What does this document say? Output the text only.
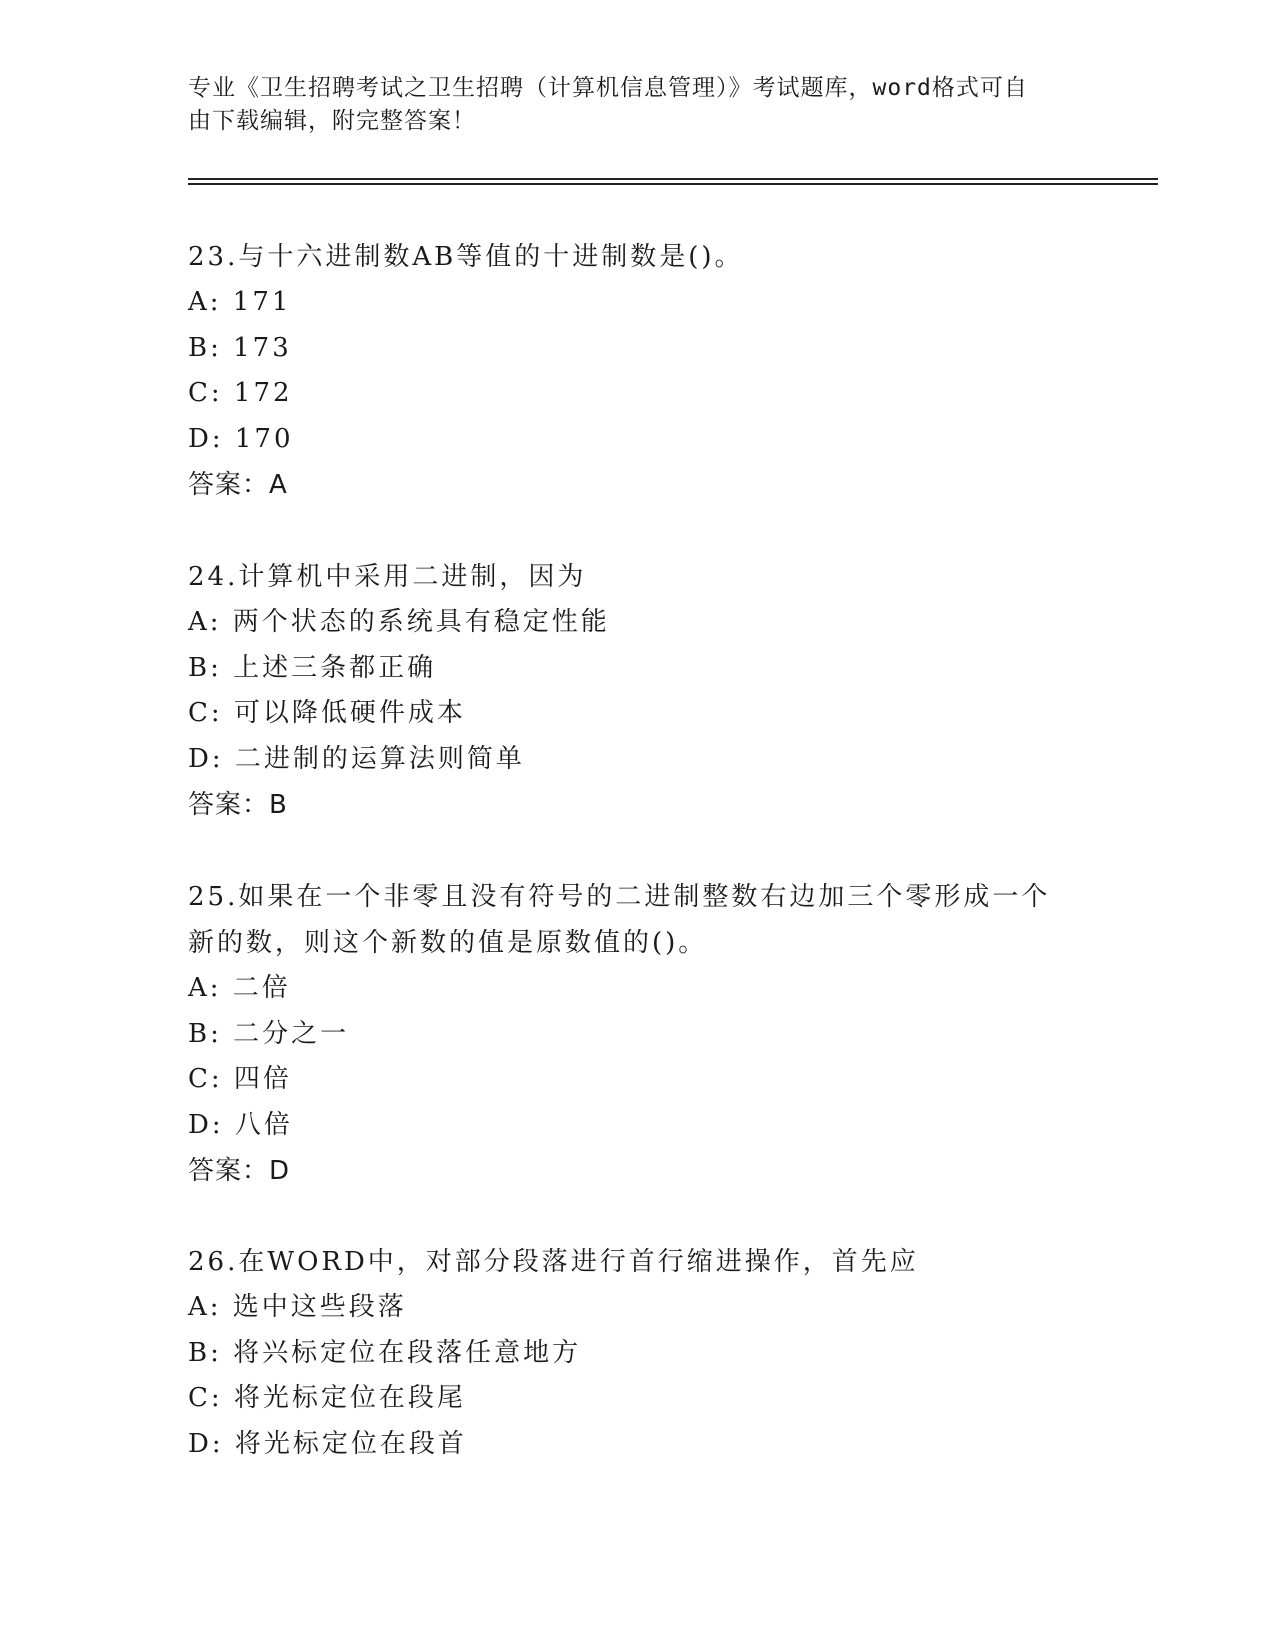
专业《卫生招聘考试之卫生招聘（计算机信息管理）》考试题库，word格式可自
由下载编辑，附完整答案！
23.与十六进制数AB等值的十进制数是()。
A: 171
B: 173
C: 172
D: 170
答案：A
24.计算机中采用二进制，因为
A: 两个状态的系统具有稳定性能
B: 上述三条都正确
C: 可以降低硬件成本
D: 二进制的运算法则简单
答案：B
25.如果在一个非零且没有符号的二进制整数右边加三个零形成一个新的数，则这个新数的值是原数值的()。
A: 二倍
B: 二分之一
C: 四倍
D: 八倍
答案：D
26.在WORD中，对部分段落进行首行缩进操作，首先应
A: 选中这些段落
B: 将兴标定位在段落任意地方
C: 将光标定位在段尾
D: 将光标定位在段首
